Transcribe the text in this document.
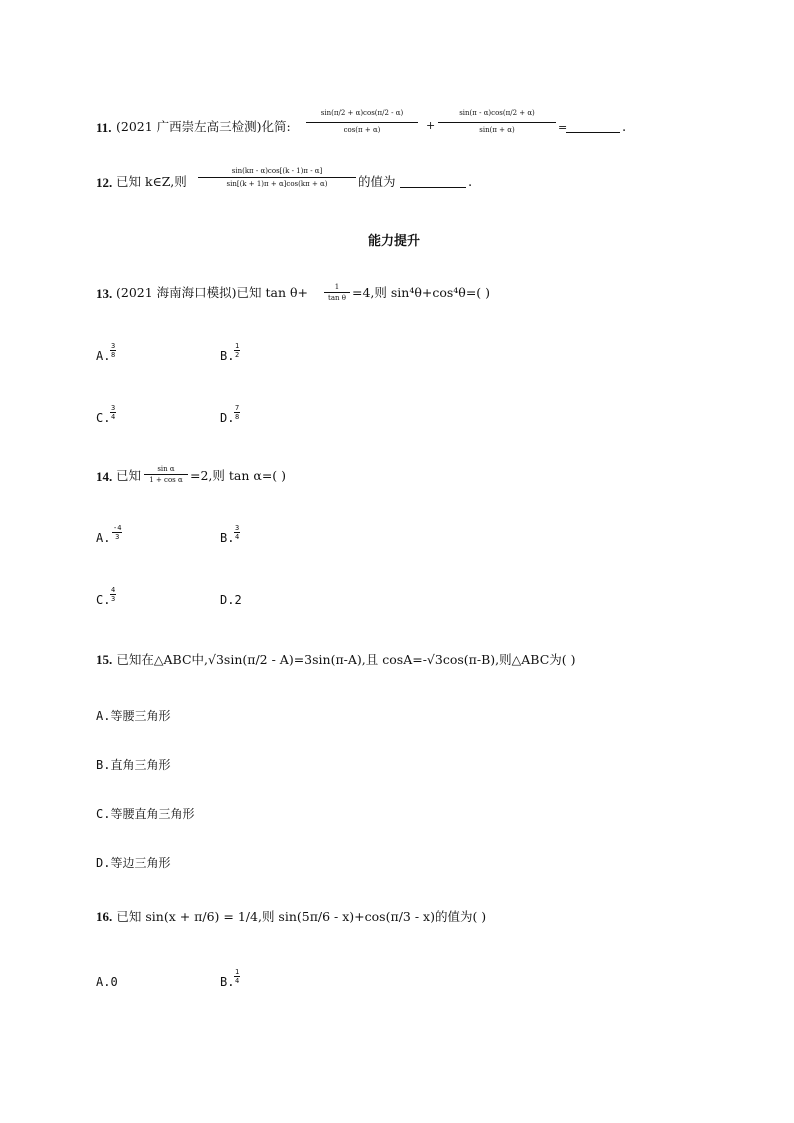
11. (2021 广西崇左高三检测)化简: $\frac{\sin(\pi/2 + \alpha)\cos(\pi/2 - \alpha)}{\cos(\pi + \alpha)} + \frac{\sin(\pi - \alpha)\cos(\pi/2 + \alpha)}{\sin(\pi + \alpha)}$ =	.
12. 已知 k∈Z,则 $\frac{\sin(k\pi - \alpha)\cos[(k - 1)\pi - \alpha]}{\sin[(k + 1)\pi + \alpha]\cos(k\pi + \alpha)}$ 的值为	.
能力提升
13. (2021 海南海口模拟)已知 $\tan \theta+ \frac{1}{\text{tan θ}} =4$,则 sin⁴θ+cos⁴θ=( )
A. $\frac{3}{8}$	B. $\frac{1}{2}$
C. $\frac{3}{4}$	D. $\frac{7}{8}$
14. 已知 $\frac{\text{sin α}}{\text{1 + cos α}} =2$,则 tan α=( )
A. $\frac{-4}{3}$	B. $\frac{3}{4}$
C. $\frac{4}{3}$	D.2
15. 已知在△ABC中,√3sin(π/2 - A)=3sin(π-A),且 cosA=-√3cos(π-B),则△ABC为( )
A.等腰三角形
B.直角三角形
C.等腰直角三角形
D.等边三角形
16. 已知 sin(x + π/6) = 1/4,则 sin(5π/6 - x)+cos(π/3 - x)的值为( )
A.0	B. $\frac{1}{4}$
